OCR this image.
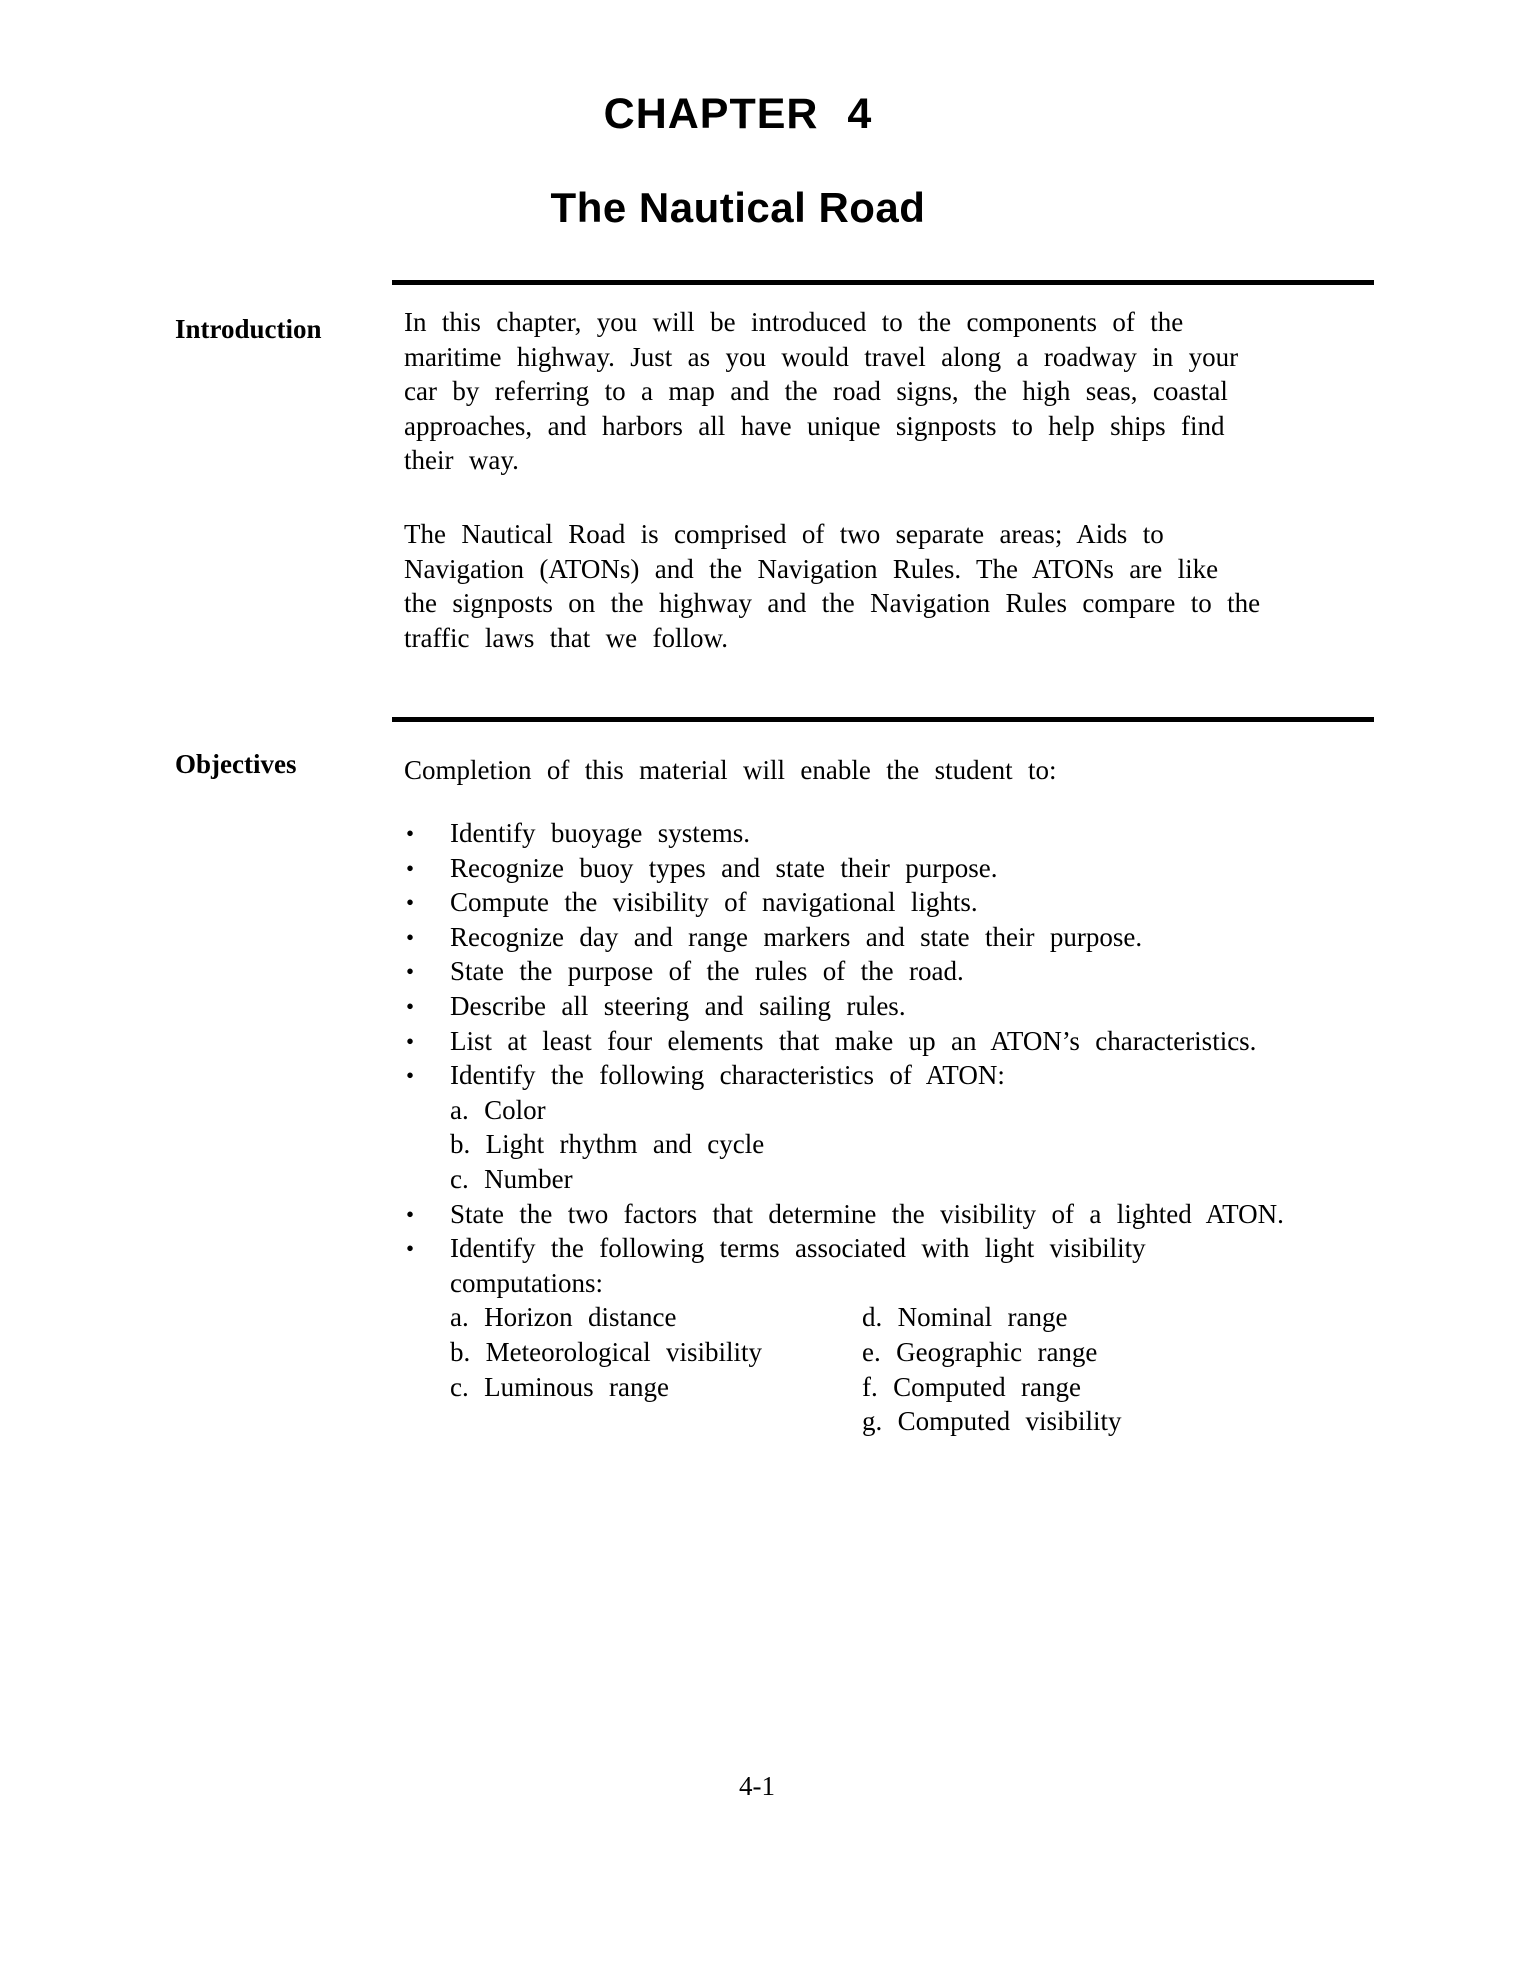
CHAPTER 4
The Nautical Road
Introduction	In this chapter, you will be introduced to the components of the
maritime highway. Just as you would travel along a roadway in your
car by referring to a map and the road signs, the high seas, coastal
approaches, and harbors all have unique signposts to help ships find
their way.

The Nautical Road is comprised of two separate areas; Aids to
Navigation (ATONs) and the Navigation Rules. The ATONs are like
the signposts on the highway and the Navigation Rules compare to the
traffic laws that we follow.

Objectives	Completion of this material will enable the student to:
• Identify buoyage systems.
• Recognize buoy types and state their purpose.
• Compute the visibility of navigational lights.
• Recognize day and range markers and state their purpose.
• State the purpose of the rules of the road.
• Describe all steering and sailing rules.
• List at least four elements that make up an ATON’s characteristics.
• Identify the following characteristics of ATON:
a. Color
b. Light rhythm and cycle
c. Number
• State the two factors that determine the visibility of a lighted ATON.
• Identify the following terms associated with light visibility
computations:
a. Horizon distance
b. Meteorological visibility
c. Luminous range
d. Nominal range
e. Geographic range
f. Computed range
g. Computed visibility
4-1
